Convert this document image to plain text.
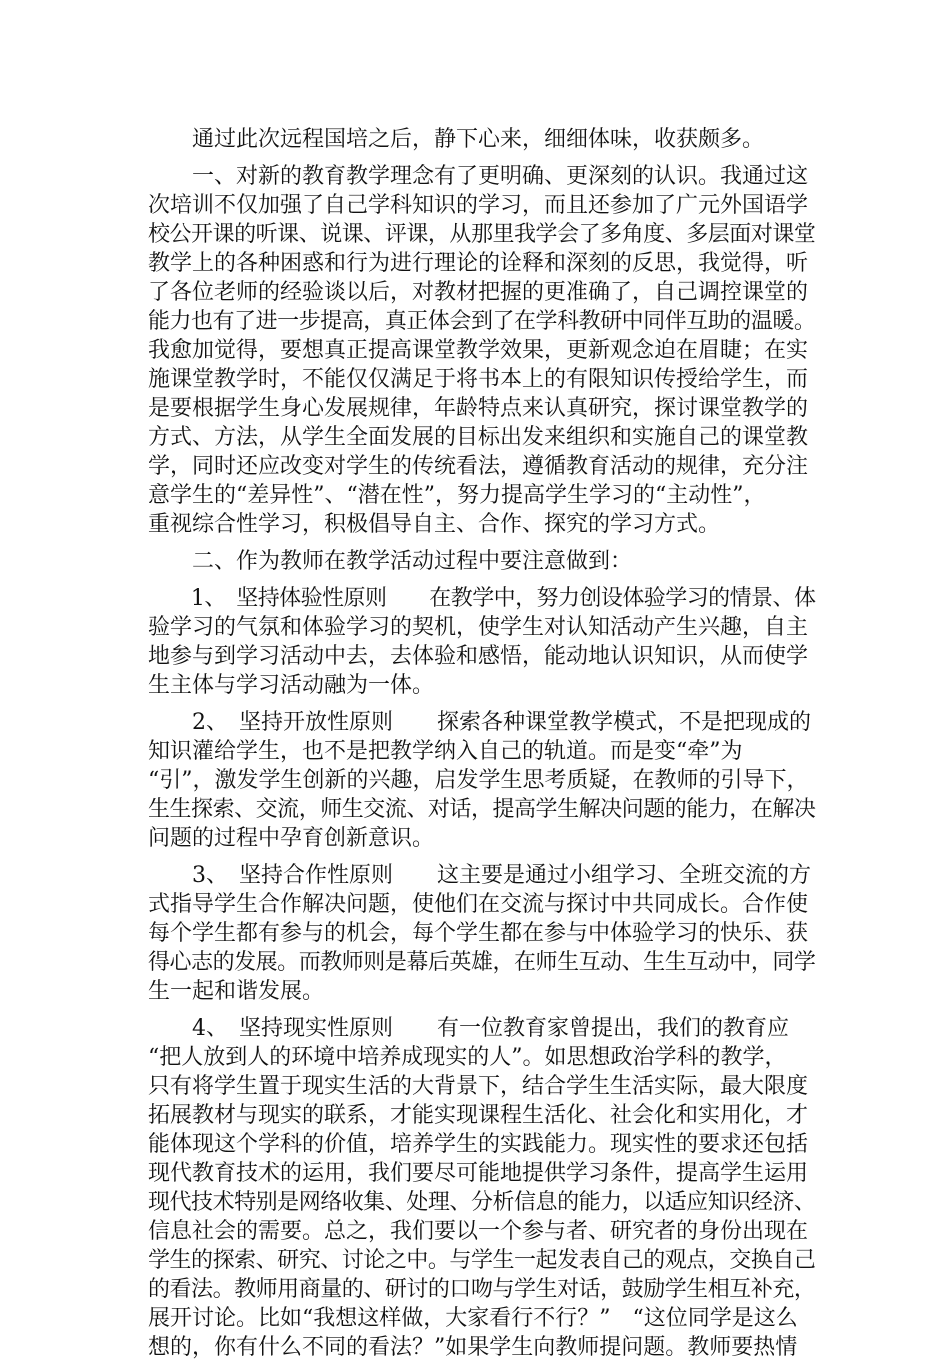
　　通过此次远程国培之后，静下心来，细细体味，收获颇多。
　　一、对新的教育教学理念有了更明确、更深刻的认识。我通过这
次培训不仅加强了自己学科知识的学习，而且还参加了广元外国语学
校公开课的听课、说课、评课，从那里我学会了多角度、多层面对课堂
教学上的各种困惑和行为进行理论的诠释和深刻的反思，我觉得，听
了各位老师的经验谈以后，对教材把握的更准确了，自己调控课堂的
能力也有了进一步提高，真正体会到了在学科教研中同伴互助的温暖。
我愈加觉得，要想真正提高课堂教学效果，更新观念迫在眉睫；在实
施课堂教学时，不能仅仅满足于将书本上的有限知识传授给学生，而
是要根据学生身心发展规律，年龄特点来认真研究，探讨课堂教学的
方式、方法，从学生全面发展的目标出发来组织和实施自己的课堂教
学，同时还应改变对学生的传统看法，遵循教育活动的规律，充分注
意学生的“差异性”、“潜在性”，努力提高学生学习的“主动性”，
重视综合性学习，积极倡导自主、合作、探究的学习方式。
　　二、作为教师在教学活动过程中要注意做到：
　　1、　坚持体验性原则　　在教学中，努力创设体验学习的情景、体
验学习的气氛和体验学习的契机，使学生对认知活动产生兴趣，自主
地参与到学习活动中去，去体验和感悟，能动地认识知识，从而使学
生主体与学习活动融为一体。
　　2、　坚持开放性原则　　探索各种课堂教学模式，不是把现成的
知识灌给学生，也不是把教学纳入自己的轨道。而是变“牵”为
“引”，激发学生创新的兴趣，启发学生思考质疑，在教师的引导下，
生生探索、交流，师生交流、对话，提高学生解决问题的能力，在解决
问题的过程中孕育创新意识。
　　3、　坚持合作性原则　　这主要是通过小组学习、全班交流的方
式指导学生合作解决问题，使他们在交流与探讨中共同成长。合作使
每个学生都有参与的机会，每个学生都在参与中体验学习的快乐、获
得心志的发展。而教师则是幕后英雄，在师生互动、生生互动中，同学
生一起和谐发展。
　　4、　坚持现实性原则　　有一位教育家曾提出，我们的教育应
“把人放到人的环境中培养成现实的人”。如思想政治学科的教学，
只有将学生置于现实生活的大背景下，结合学生生活实际，最大限度
拓展教材与现实的联系，才能实现课程生活化、社会化和实用化，才
能体现这个学科的价值，培养学生的实践能力。现实性的要求还包括
现代教育技术的运用，我们要尽可能地提供学习条件，提高学生运用
现代技术特别是网络收集、处理、分析信息的能力，以适应知识经济、
信息社会的需要。总之，我们要以一个参与者、研究者的身份出现在
学生的探索、研究、讨论之中。与学生一起发表自己的观点，交换自己
的看法。教师用商量的、研讨的口吻与学生对话，鼓励学生相互补充，
展开讨论。比如“我想这样做，大家看行不行？”　“这位同学是这么
想的，你有什么不同的看法？”如果学生向教师提问题。教师要热情
